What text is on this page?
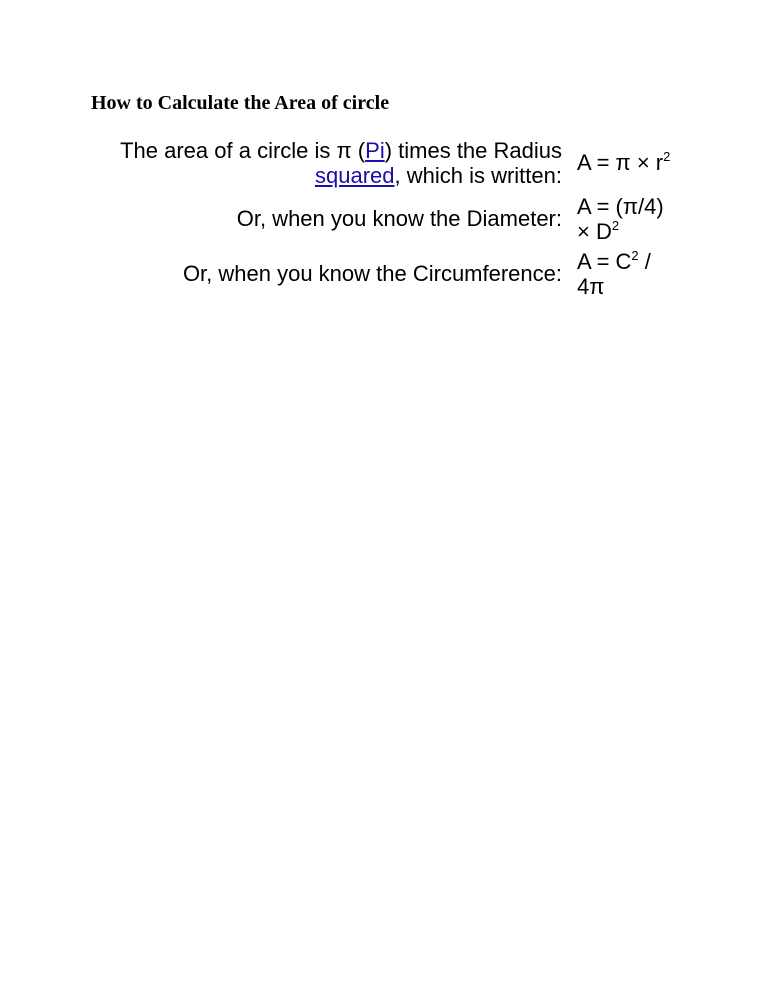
How to Calculate the Area of circle
The area of a circle is π (Pi) times the Radius
squared, which is written:
$A = \pi \times r^2$
Or, when you know the Diameter: A = (π/4)
× $D^2$
Or, when you know the Circumference: $A = C^2$ /
4π
